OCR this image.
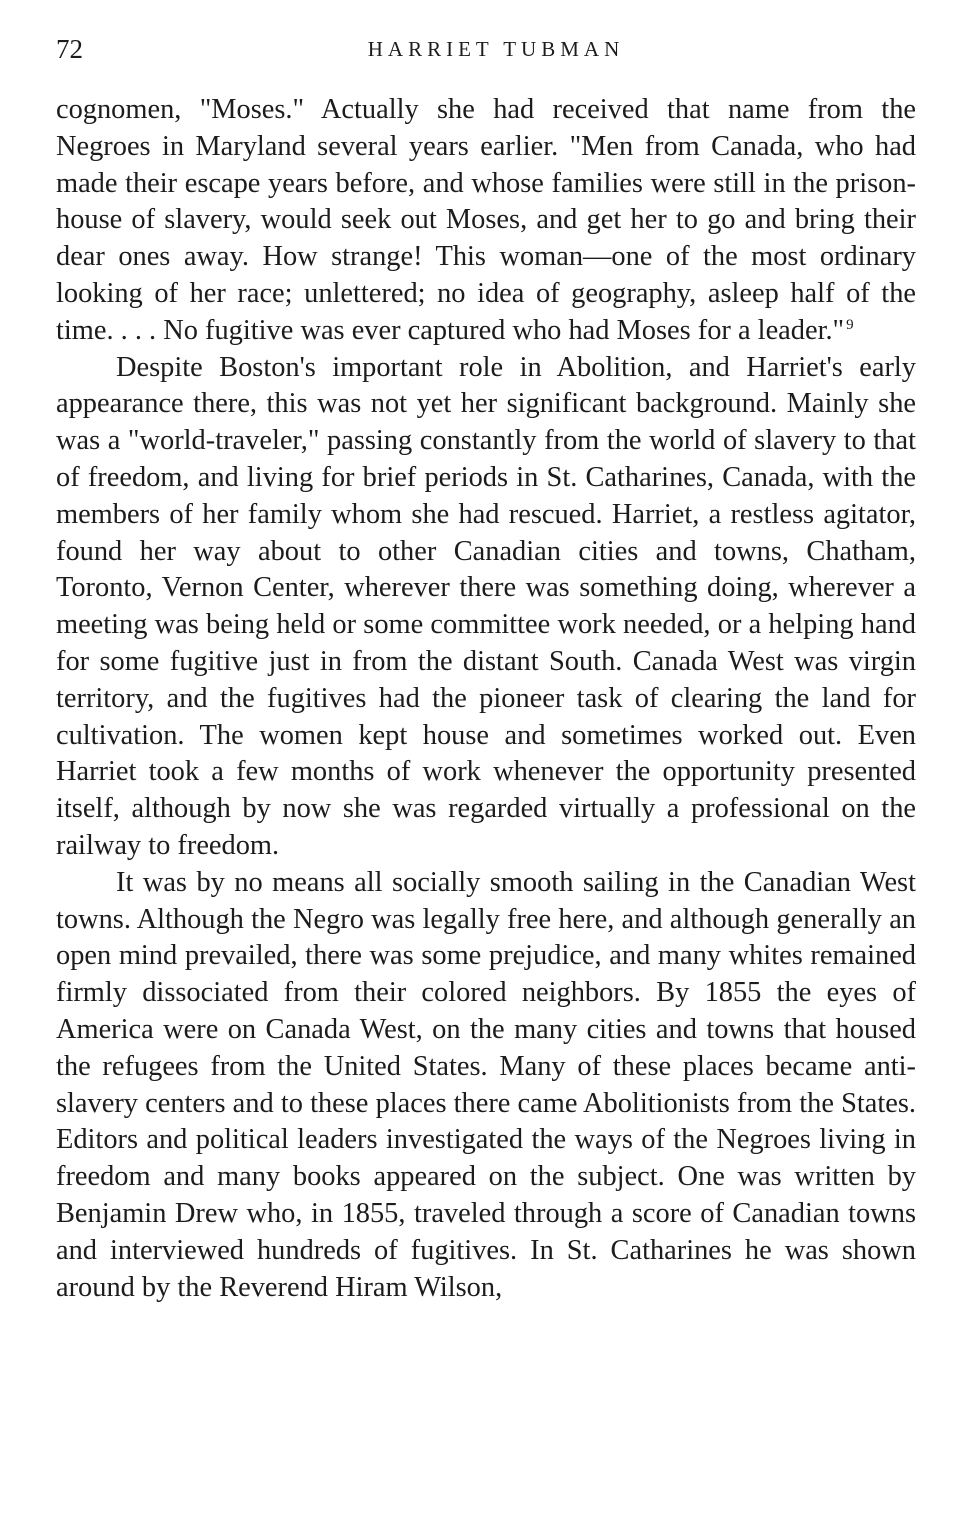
72	HARRIET TUBMAN

cognomen, "Moses." Actually she had received that name from the Negroes in Maryland several years earlier. "Men from Canada, who had made their escape years before, and whose families were still in the prison-house of slavery, would seek out Moses, and get her to go and bring their dear ones away. How strange! This woman—one of the most ordinary looking of her race; unlettered; no idea of geography, asleep half of the time. . . . No fugitive was ever captured who had Moses for a leader." $^9$

Despite Boston's important role in Abolition, and Harriet's early appearance there, this was not yet her significant background. Mainly she was a "world-traveler," passing constantly from the world of slavery to that of freedom, and living for brief periods in St. Catharines, Canada, with the members of her family whom she had rescued. Harriet, a restless agitator, found her way about to other Canadian cities and towns, Chatham, Toronto, Vernon Center, wherever there was something doing, wherever a meeting was being held or some committee work needed, or a helping hand for some fugitive just in from the distant South. Canada West was virgin territory, and the fugitives had the pioneer task of clearing the land for cultivation. The women kept house and sometimes worked out. Even Harriet took a few months of work whenever the opportunity presented itself, although by now she was regarded virtually a professional on the railway to freedom.

It was by no means all socially smooth sailing in the Canadian West towns. Although the Negro was legally free here, and although generally an open mind prevailed, there was some prejudice, and many whites remained firmly dissociated from their colored neighbors. By 1855 the eyes of America were on Canada West, on the many cities and towns that housed the refugees from the United States. Many of these places became anti-slavery centers and to these places there came Abolitionists from the States. Editors and political leaders investigated the ways of the Negroes living in freedom and many books appeared on the subject. One was written by Benjamin Drew who, in 1855, traveled through a score of Canadian towns and interviewed hundreds of fugitives. In St. Catharines he was shown around by the Reverend Hiram Wilson,
